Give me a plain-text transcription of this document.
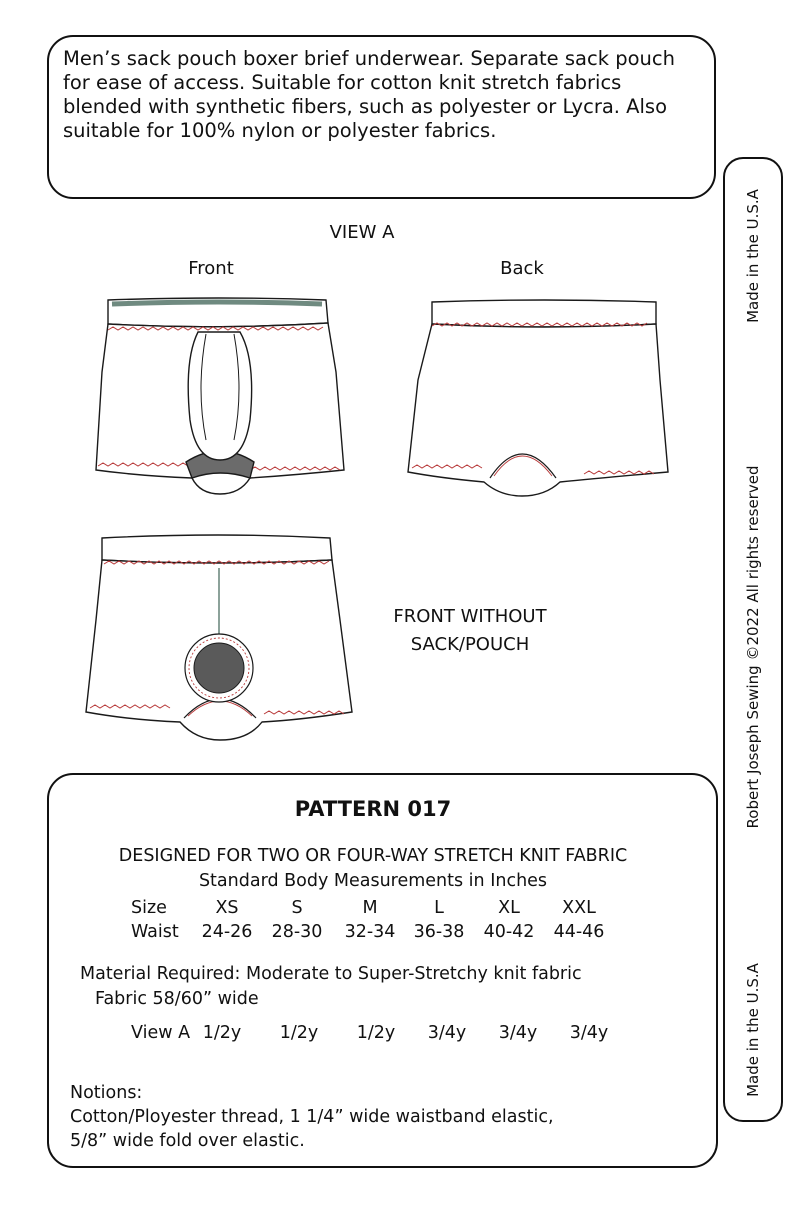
Men’s sack pouch boxer brief underwear. Separate sack pouch for ease of access. Suitable for cotton knit stretch fabrics blended with synthetic fibers, such as polyester or Lycra. Also suitable for 100% nylon or polyester fabrics.

Made in the U.S.A
Robert Joseph Sewing ©2022 All rights reserved
Made in the U.S.A
VIEW A
Front	Back
FRONT WITHOUT
SACK/POUCH
PATTERN 017
DESIGNED FOR TWO OR FOUR-WAY STRETCH KNIT FABRIC
Standard Body Measurements in Inches
Size	XS	S	M	L	XL XXL
Waist 24-26 28-30 32-34 36-38 40-42 44-46
Material Required: Moderate to Super-Stretchy knit fabric
Fabric 58/60” wide
View A 1/2y 1/2y 1/2y 3/4y 3/4y 3/4y
Notions:
Cotton/Ployester thread, 1 1/4” wide waistband elastic,
5/8” wide fold over elastic.
